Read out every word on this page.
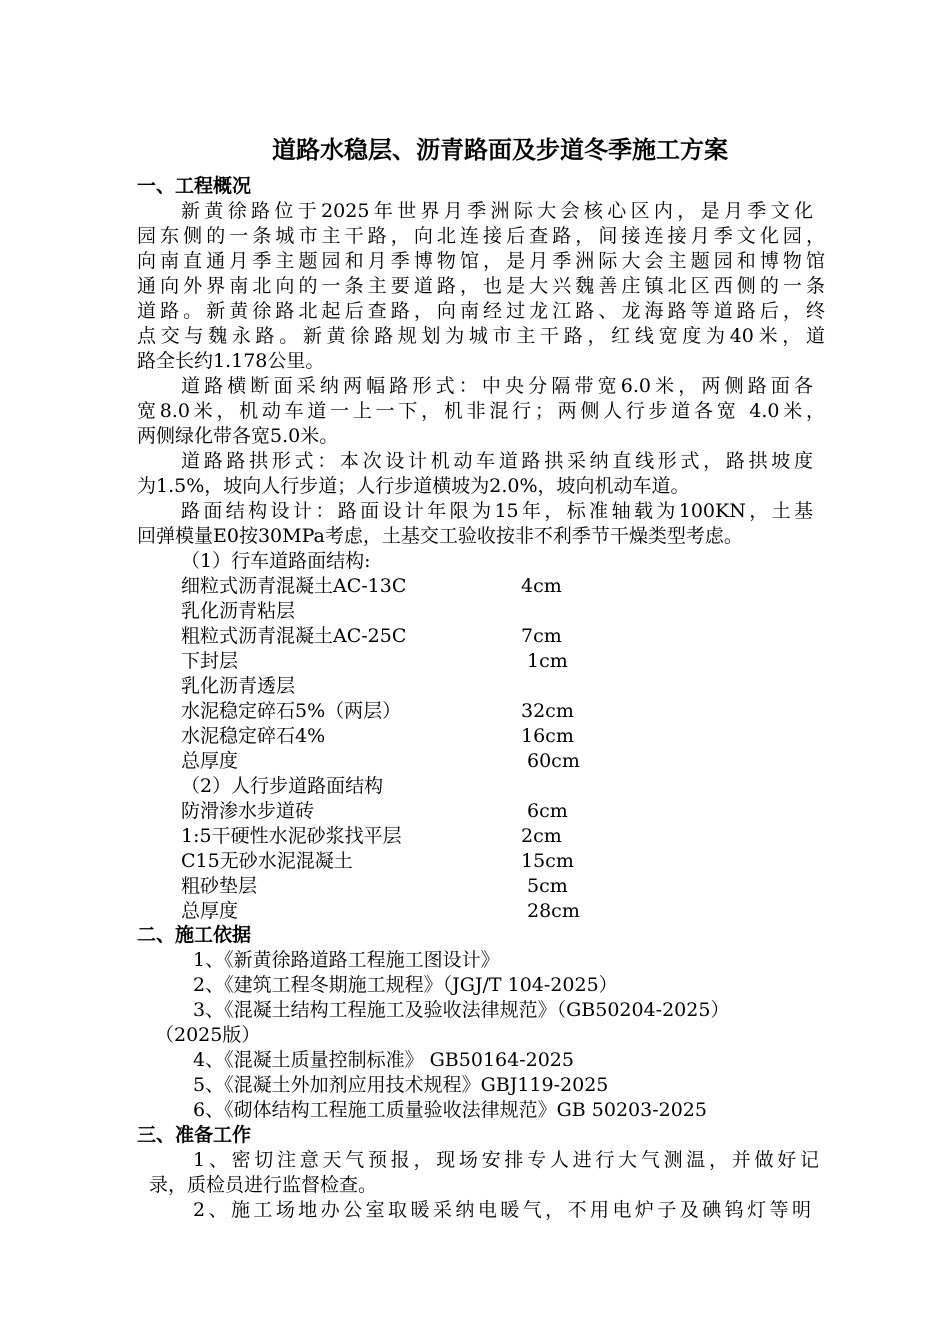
道路水稳层、沥青路面及步道冬季施工方案
一、工程概况
新黄徐路位于2025年世界月季洲际大会核心区内，是月季文化
园东侧的一条城市主干路，向北连接后查路，间接连接月季文化园，
向南直通月季主题园和月季博物馆，是月季洲际大会主题园和博物馆
通向外界南北向的一条主要道路，也是大兴魏善庄镇北区西侧的一条
道路。新黄徐路北起后查路，向南经过龙江路、龙海路等道路后，终
点交与魏永路。新黄徐路规划为城市主干路，红线宽度为40米，道
路全长约1.178公里。
道路横断面采纳两幅路形式：中央分隔带宽6.0米，两侧路面各
宽8.0米，机动车道一上一下，机非混行；两侧人行步道各宽 4.0米，
两侧绿化带各宽5.0米。
道路路拱形式：本次设计机动车道路拱采纳直线形式，路拱坡度
为1.5%，坡向人行步道；人行步道横坡为2.0%，坡向机动车道。
路面结构设计：路面设计年限为15年，标准轴载为100KN，土基
回弹模量E0按30MPa考虑，土基交工验收按非不利季节干燥类型考虑。
（1）行车道路面结构:
细粒式沥青混凝土AC-13C	4cm
乳化沥青粘层
粗粒式沥青混凝土AC-25C	7cm
下封层	1cm
乳化沥青透层
水泥稳定碎石5%（两层）	32cm
水泥稳定碎石4%	16cm
总厚度	60cm
（2）人行步道路面结构
防滑渗水步道砖	6cm
1:5干硬性水泥砂浆找平层	2cm
C15无砂水泥混凝土	15cm
粗砂垫层	5cm
总厚度	28cm
二、施工依据
1、《新黄徐路道路工程施工图设计》
2、《建筑工程冬期施工规程》（JGJ/T 104-2025）
3、《混凝土结构工程施工及验收法律规范》（GB50204-2025）
（2025版）
4、《混凝土质量控制标准》 GB50164-2025
5、《混凝土外加剂应用技术规程》GBJ119-2025
6、《砌体结构工程施工质量验收法律规范》GB 50203-2025
三、准备工作
1、密切注意天气预报，现场安排专人进行大气测温，并做好记
录，质检员进行监督检查。
2、施工场地办公室取暖采纳电暖气，不用电炉子及碘钨灯等明
